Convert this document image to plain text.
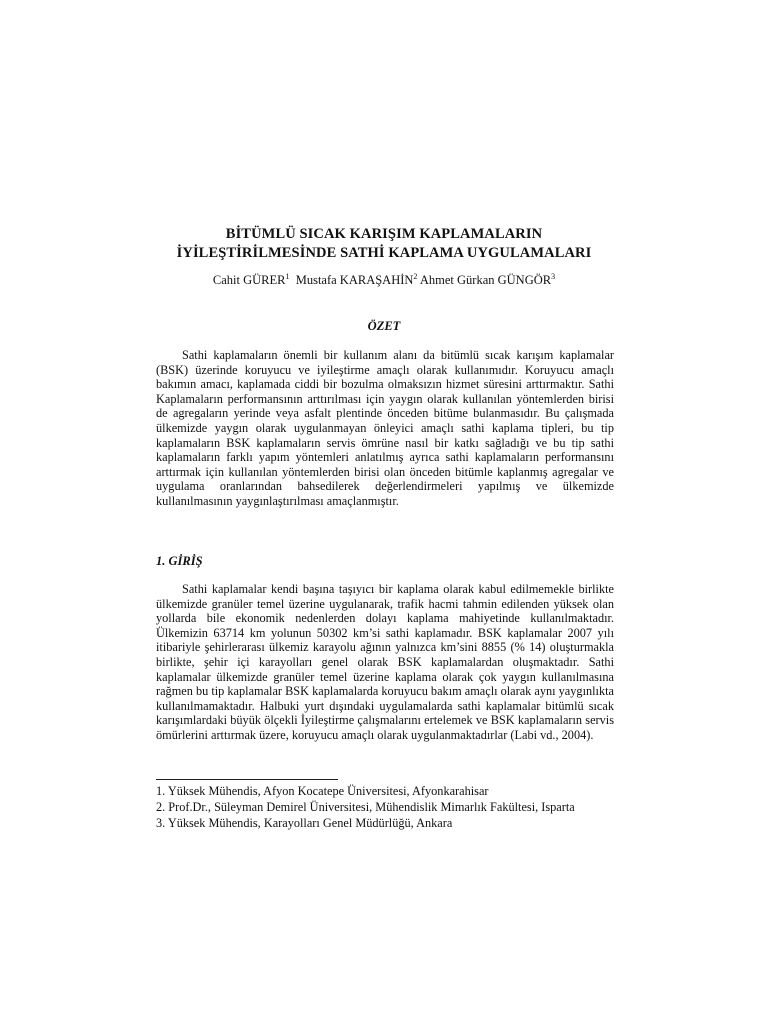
BİTÜMLÜ SICAK KARIŞIM KAPLAMALARIN
İYİLEŞTİRİLMESİNDE SATHİ KAPLAMA UYGULAMALARI
Cahit GÜRER$^1$ Mustafa KARAŞAHİN$^2$ Ahmet Gürkan GÜNGÖR$^3$
ÖZET
Sathi kaplamaların önemli bir kullanım alanı da bitümlü sıcak karışım kaplamalar (BSK) üzerinde koruyucu ve iyileştirme amaçlı olarak kullanımıdır. Koruyucu amaçlı bakımın amacı, kaplamada ciddi bir bozulma olmaksızın hizmet süresini arttırmaktır. Sathi Kaplamaların performansının arttırılması için yaygın olarak kullanılan yöntemlerden birisi de agregaların yerinde veya asfalt plentinde önceden bitüme bulanmasıdır. Bu çalışmada ülkemizde yaygın olarak uygulanmayan önleyici amaçlı sathi kaplama tipleri, bu tip kaplamaların BSK kaplamaların servis ömrüne nasıl bir katkı sağladığı ve bu tip sathi kaplamaların farklı yapım yöntemleri anlatılmış ayrıca sathi kaplamaların performansını arttırmak için kullanılan yöntemlerden birisi olan önceden bitümle kaplanmış agregalar ve uygulama oranlarından bahsedilerek değerlendirmeleri yapılmış ve ülkemizde kullanılmasının yaygınlaştırılması amaçlanmıştır.
1. GİRİŞ
Sathi kaplamalar kendi başına taşıyıcı bir kaplama olarak kabul edilmemekle birlikte ülkemizde granüler temel üzerine uygulanarak, trafik hacmi tahmin edilenden yüksek olan yollarda bile ekonomik nedenlerden dolayı kaplama mahiyetinde kullanılmaktadır. Ülkemizin 63714 km yolunun 50302 km’si sathi kaplamadır. BSK kaplamalar 2007 yılı itibariyle şehirlerarası ülkemiz karayolu ağının yalnızca km’sini 8855 (% 14) oluşturmakla birlikte, şehir içi karayolları genel olarak BSK kaplamalardan oluşmaktadır. Sathi kaplamalar ülkemizde granüler temel üzerine kaplama olarak çok yaygın kullanılmasına rağmen bu tip kaplamalar BSK kaplamalarda koruyucu bakım amaçlı olarak aynı yaygınlıkta kullanılmamaktadır. Halbuki yurt dışındaki uygulamalarda sathi kaplamalar bitümlü sıcak karışımlardaki büyük ölçekli İyileştirme çalışmalarını ertelemek ve BSK kaplamaların servis ömürlerini arttırmak üzere, koruyucu amaçlı olarak uygulanmaktadırlar (Labi vd., 2004).
1. Yüksek Mühendis, Afyon Kocatepe Üniversitesi, Afyonkarahisar
2. Prof.Dr., Süleyman Demirel Üniversitesi, Mühendislik Mimarlık Fakültesi, Isparta
3. Yüksek Mühendis, Karayolları Genel Müdürlüğü, Ankara
